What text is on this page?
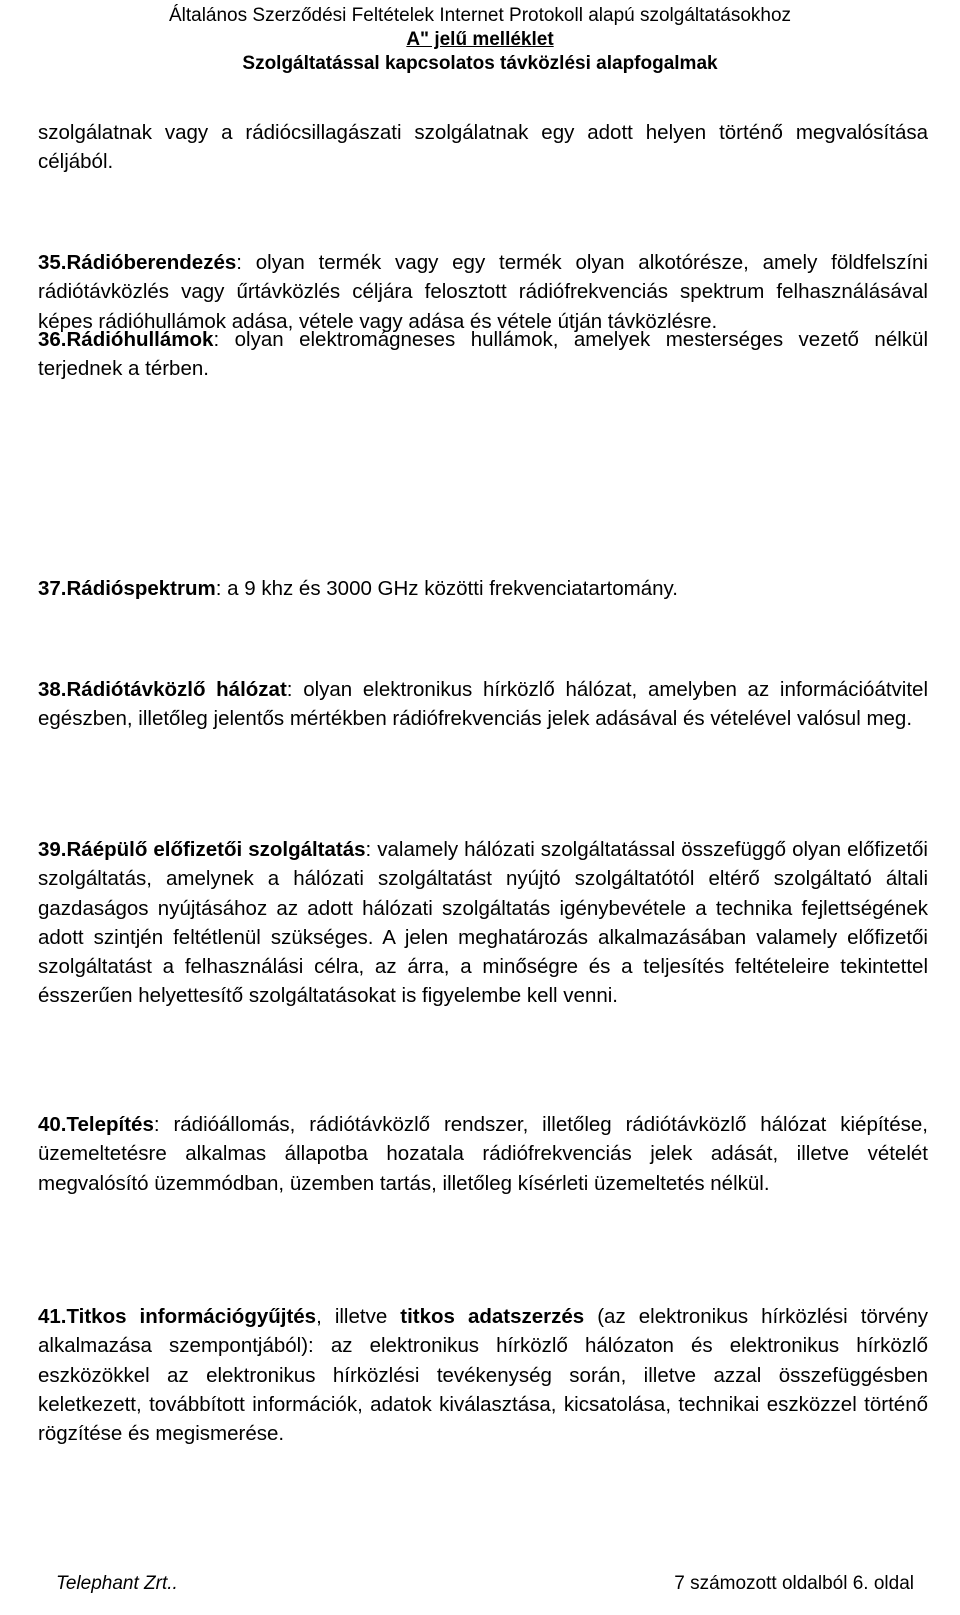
Általános Szerződési Feltételek Internet Protokoll alapú szolgáltatásokhoz
A" jelű melléklet
Szolgáltatással kapcsolatos távközlési alapfogalmak

szolgálatnak vagy a rádiócsillagászati szolgálatnak egy adott helyen történő megvalósítása céljából.

35.Rádióberendezés: olyan termék vagy egy termék olyan alkotórésze, amely földfelszíni rádiótávközlés vagy űrtávközlés céljára felosztott rádiófrekvenciás spektrum felhasználásával képes rádióhullámok adása, vétele vagy adása és vétele útján távközlésre.

36.Rádióhullámok: olyan elektromágneses hullámok, amelyek mesterséges vezető nélkül terjednek a térben.

37.Rádióspektrum: a 9 khz és 3000 GHz közötti frekvenciatartomány.

38.Rádiótávközlő hálózat: olyan elektronikus hírközlő hálózat, amelyben az információátvitel egészben, illetőleg jelentős mértékben rádiófrekvenciás jelek adásával és vételével valósul meg.

39.Ráépülő előfizetői szolgáltatás: valamely hálózati szolgáltatással összefüggő olyan előfizetői szolgáltatás, amelynek a hálózati szolgáltatást nyújtó szolgáltatótól eltérő szolgáltató általi gazdaságos nyújtásához az adott hálózati szolgáltatás igénybevétele a technika fejlettségének adott szintjén feltétlenül szükséges. A jelen meghatározás alkalmazásában valamely előfizetői szolgáltatást a felhasználási célra, az árra, a minőségre és a teljesítés feltételeire tekintettel ésszerűen helyettesítő szolgáltatásokat is figyelembe kell venni.

40.Telepítés: rádióállomás, rádiótávközlő rendszer, illetőleg rádiótávközlő hálózat kiépítése, üzemeltetésre alkalmas állapotba hozatala rádiófrekvenciás jelek adását, illetve vételét megvalósító üzemmódban, üzemben tartás, illetőleg kísérleti üzemeltetés nélkül.

41.Titkos információgyűjtés, illetve titkos adatszerzés (az elektronikus hírközlési törvény alkalmazása szempontjából): az elektronikus hírközlő hálózaton és elektronikus hírközlő eszközökkel az elektronikus hírközlési tevékenység során, illetve azzal összefüggésben keletkezett, továbbított információk, adatok kiválasztása, kicsatolása, technikai eszközzel történő rögzítése és megismerése.

Telephant Zrt..	7 számozott oldalból 6. oldal
